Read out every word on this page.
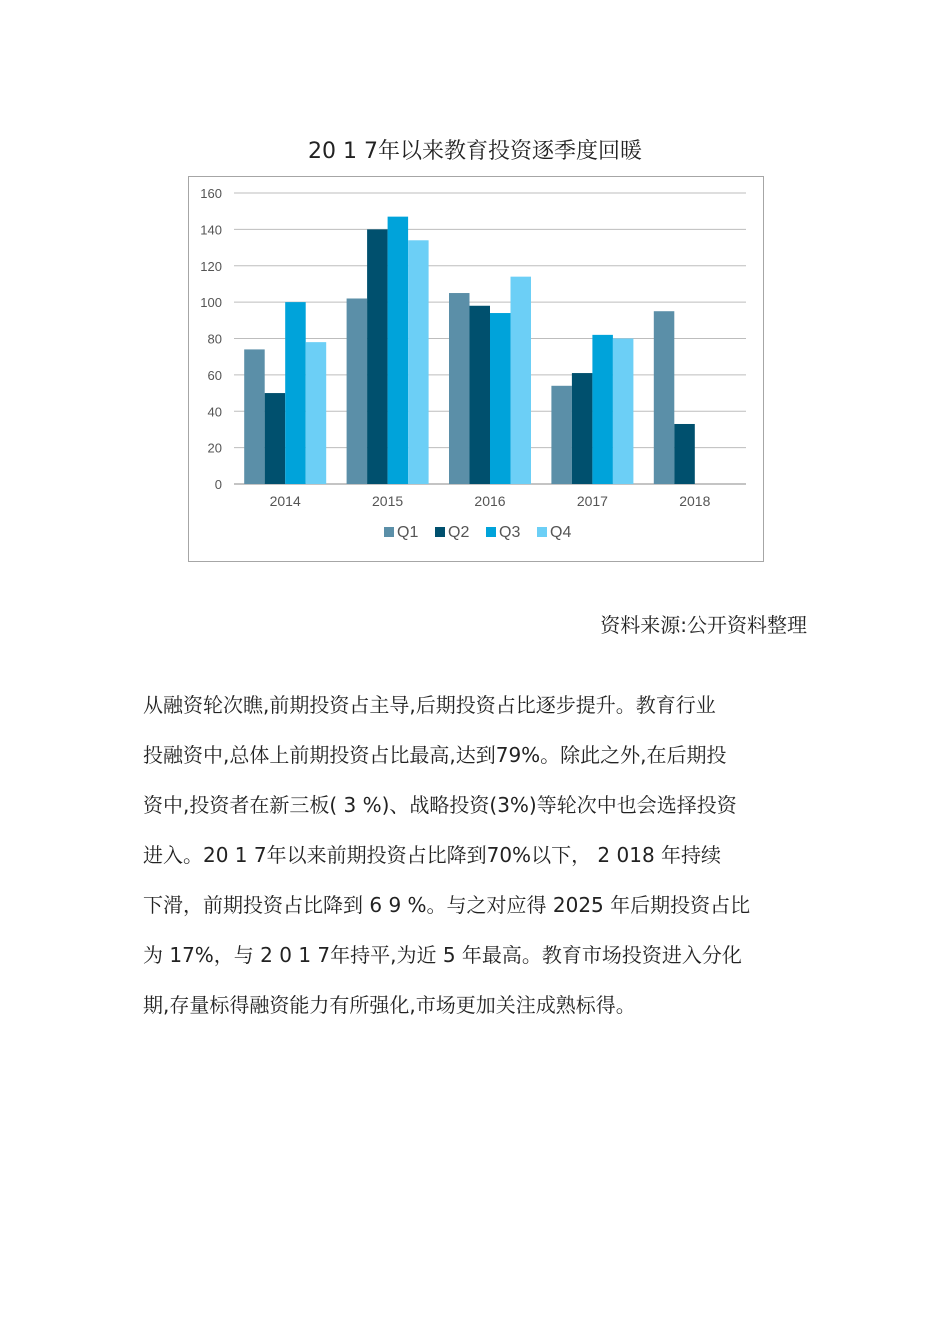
20 1 7年以来教育投资逐季度回暖
0
20
40
60
80
100
120
140
160
2014	2015	2016	2017	2018
Q1 Q2 Q3 Q4
资料来源:公开资料整理
从融资轮次瞧,前期投资占主导,后期投资占比逐步提升。教育行业
投融资中,总体上前期投资占比最高,达到79%。除此之外,在后期投
资中,投资者在新三板( 3 %)、战略投资(3%)等轮次中也会选择投资
进入。20 1 7年以来前期投资占比降到70%以下， 2 018 年持续
下滑，前期投资占比降到 6 9 %。与之对应得 2025 年后期投资占比
为 17%，与 2 0 1 7年持平,为近 5 年最高。教育市场投资进入分化
期,存量标得融资能力有所强化,市场更加关注成熟标得。
